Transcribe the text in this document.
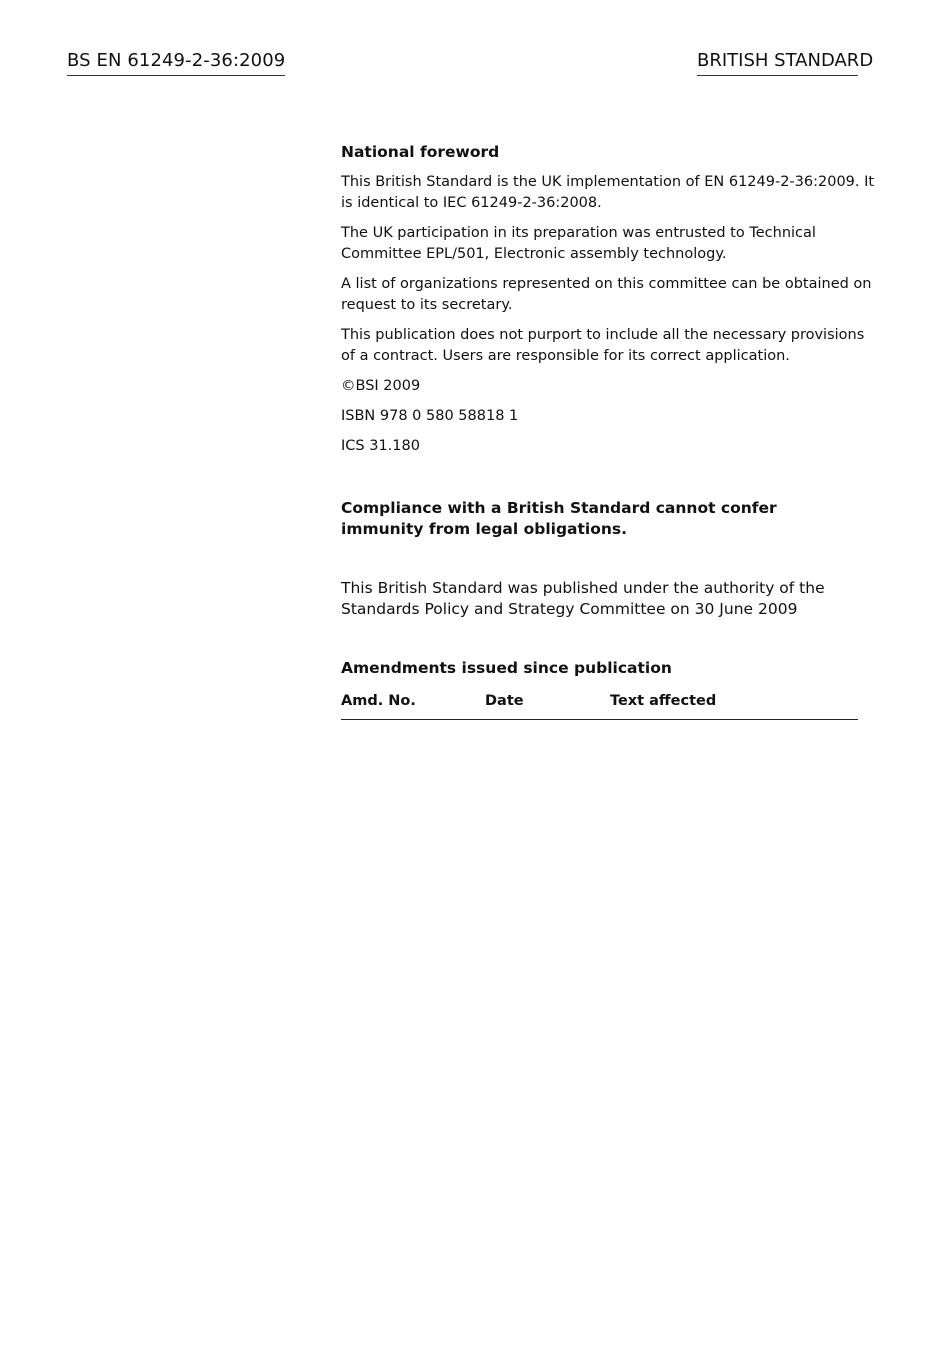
BS EN 61249-2-36:2009	BRITISH STANDARD
National foreword
This British Standard is the UK implementation of EN 61249-2-36:2009. It is identical to IEC 61249-2-36:2008.
The UK participation in its preparation was entrusted to Technical Committee EPL/501, Electronic assembly technology.
A list of organizations represented on this committee can be obtained on request to its secretary.
This publication does not purport to include all the necessary provisions of a contract. Users are responsible for its correct application.
©BSI 2009
ISBN 978 0 580 58818 1
ICS 31.180
Compliance with a British Standard cannot confer immunity from legal obligations.
This British Standard was published under the authority of the Standards Policy and Strategy Committee on 30 June 2009
Amendments issued since publication
Amd. No.	Date	Text affected
